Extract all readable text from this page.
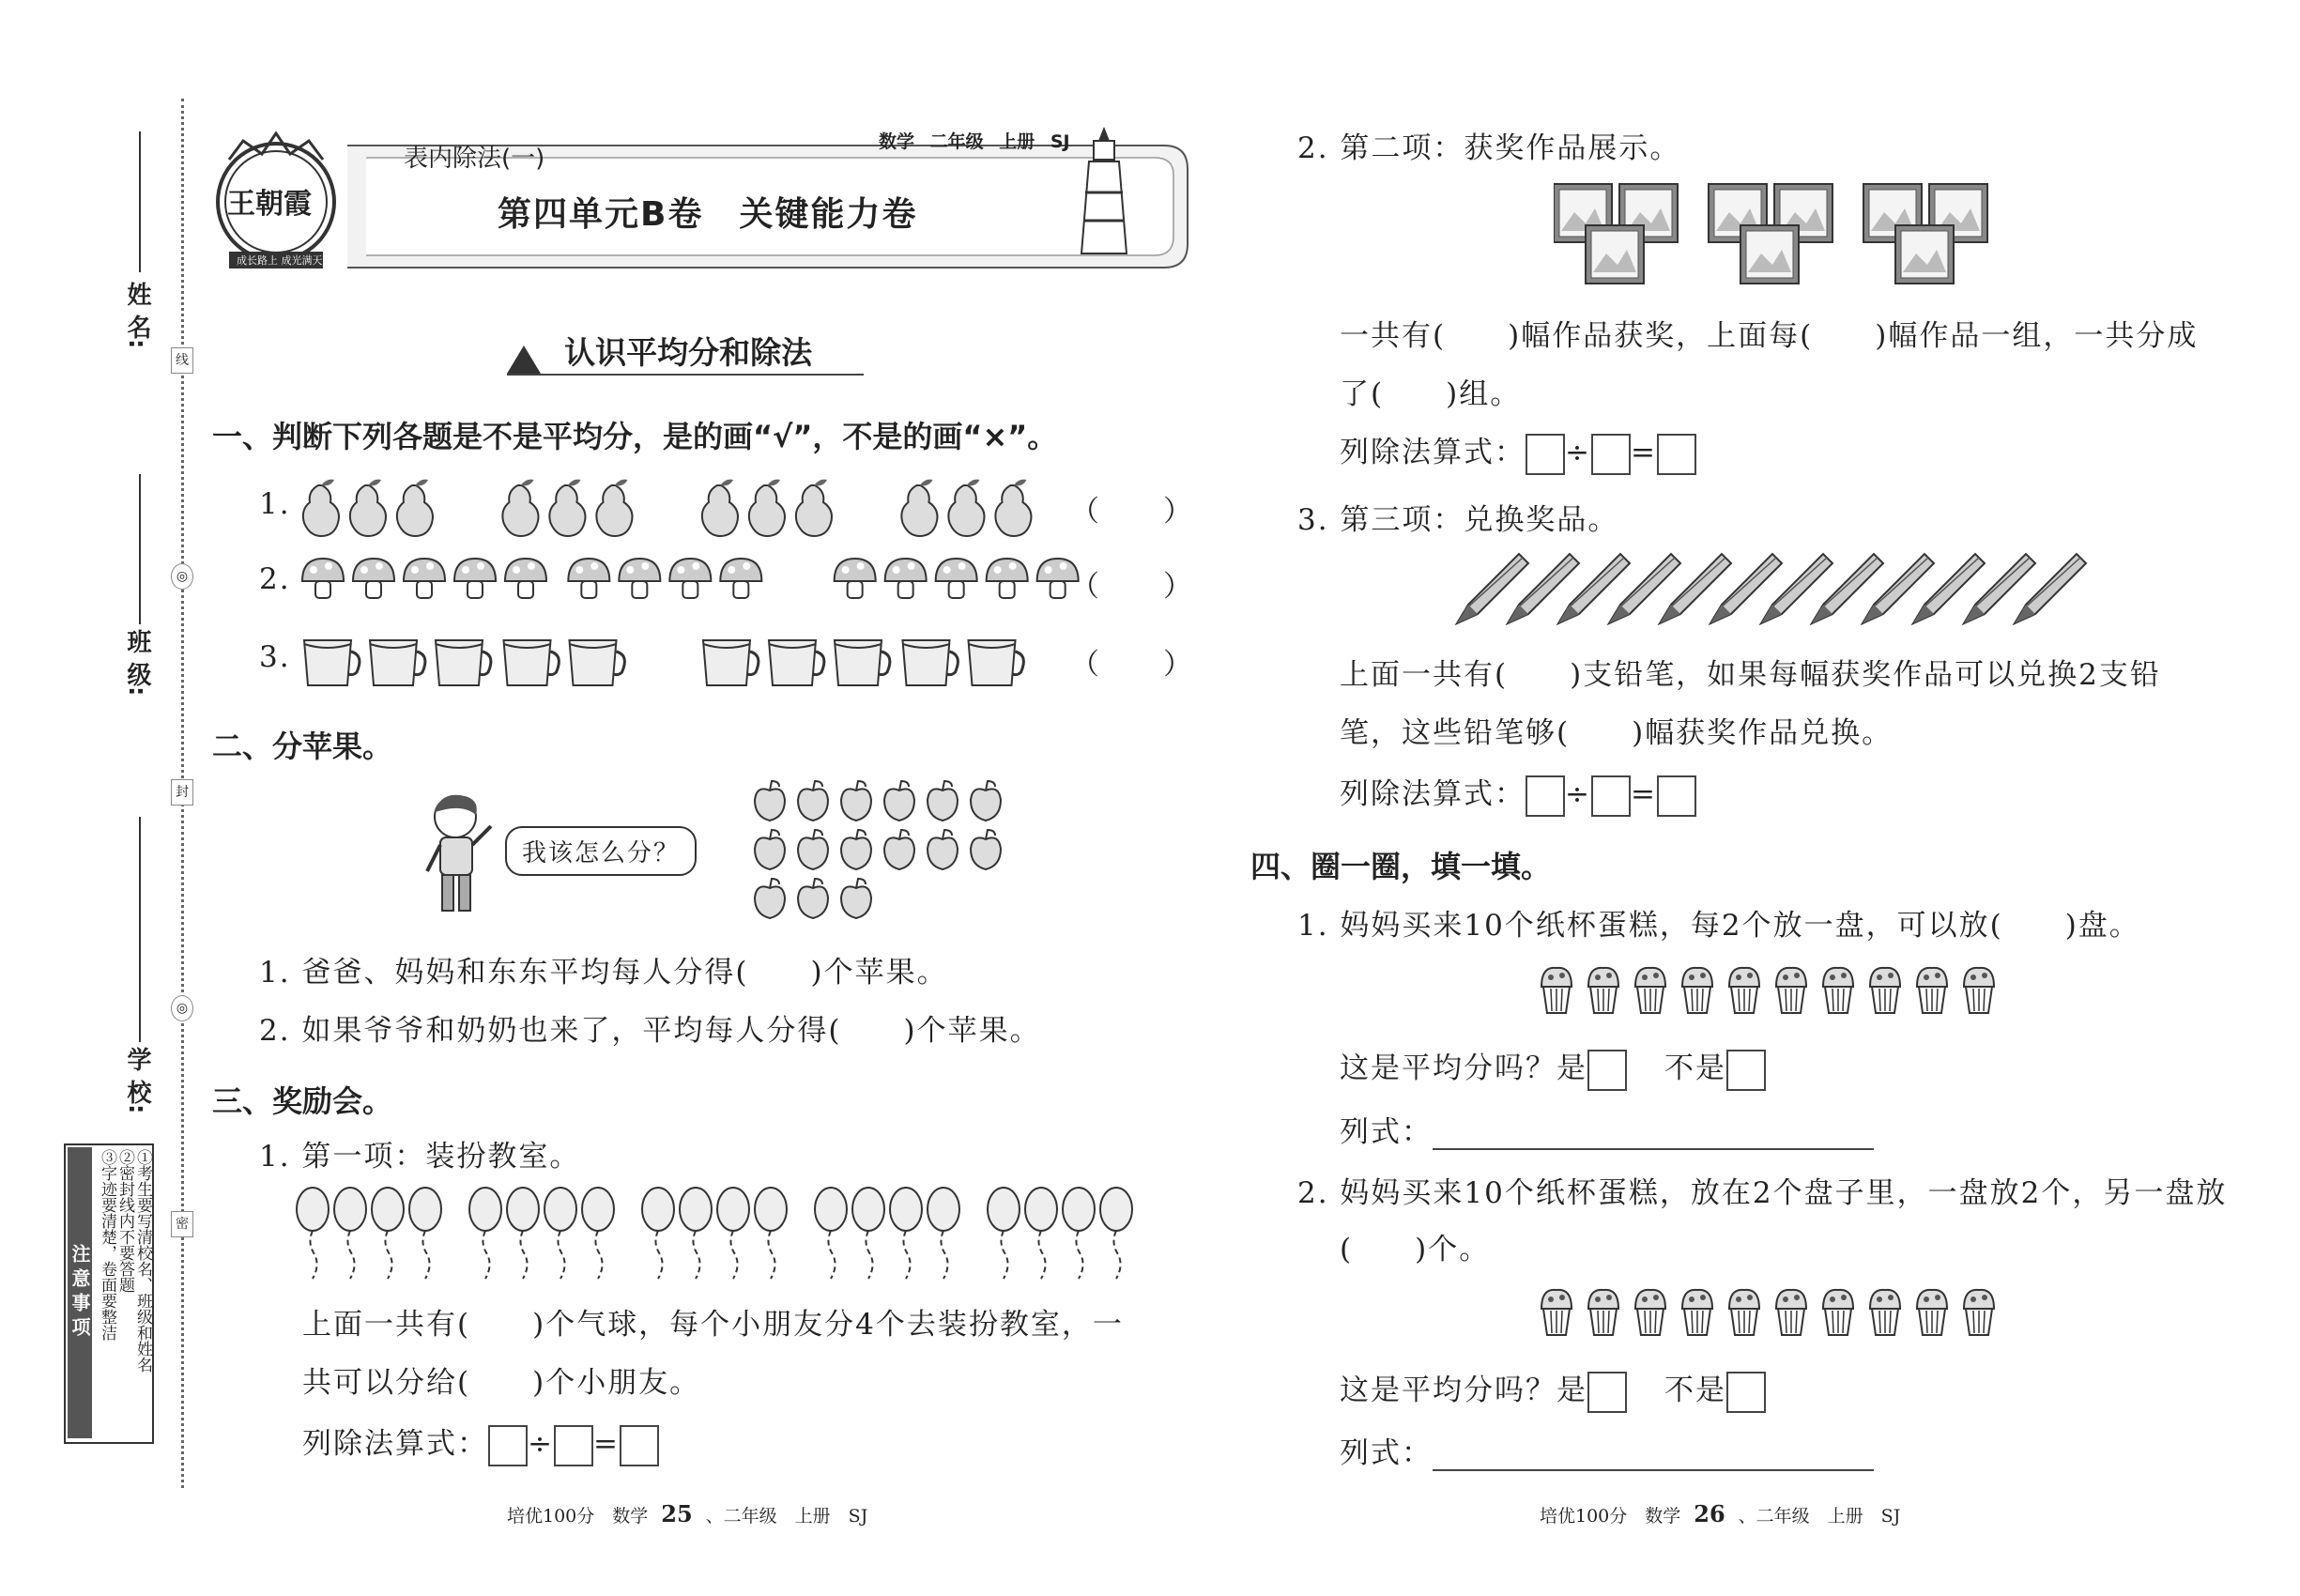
姓 名:
班 级:
学 校:
线
◎
封
◎
密
注意事项	①考生要写清校名、班级和姓名
②密封线内不要答题
③字迹要清楚，卷面要整洁
王朝霞
成长路上 成光满天
表内除法(一)
第四单元B卷　关键能力卷
数学 二年级 上册 SJ
认识平均分和除法
一、判断下列各题是不是平均分，是的画“√”，不是的画“×”。
1.	（　　）
2.	（　　）
3.	（　　）
二、分苹果。
我该怎么分？
1. 爸爸、妈妈和东东平均每人分得(　　)个苹果。
2. 如果爷爷和奶奶也来了，平均每人分得(　　)个苹果。
三、奖励会。
1. 第一项：装扮教室。
上面一共有(　　)个气球，每个小朋友分4个去装扮教室，一
共可以分给(　　)个小朋友。
列除法算式： ÷ =
培优100分　数学 25 、二年级　上册　SJ
2. 第二项：获奖作品展示。
一共有(　　)幅作品获奖，上面每(　　)幅作品一组，一共分成
了(　　)组。
列除法算式： ÷ =
3. 第三项：兑换奖品。
上面一共有(　　)支铅笔，如果每幅获奖作品可以兑换2支铅
笔，这些铅笔够(　　)幅获奖作品兑换。
列除法算式： ÷ =
四、圈一圈，填一填。
1. 妈妈买来10个纸杯蛋糕，每2个放一盘，可以放(　　)盘。
这是平均分吗？是	不是
列式：
2. 妈妈买来10个纸杯蛋糕，放在2个盘子里，一盘放2个，另一盘放
(　　)个。
这是平均分吗？是	不是
列式：
培优100分　数学 26 、二年级　上册　SJ
